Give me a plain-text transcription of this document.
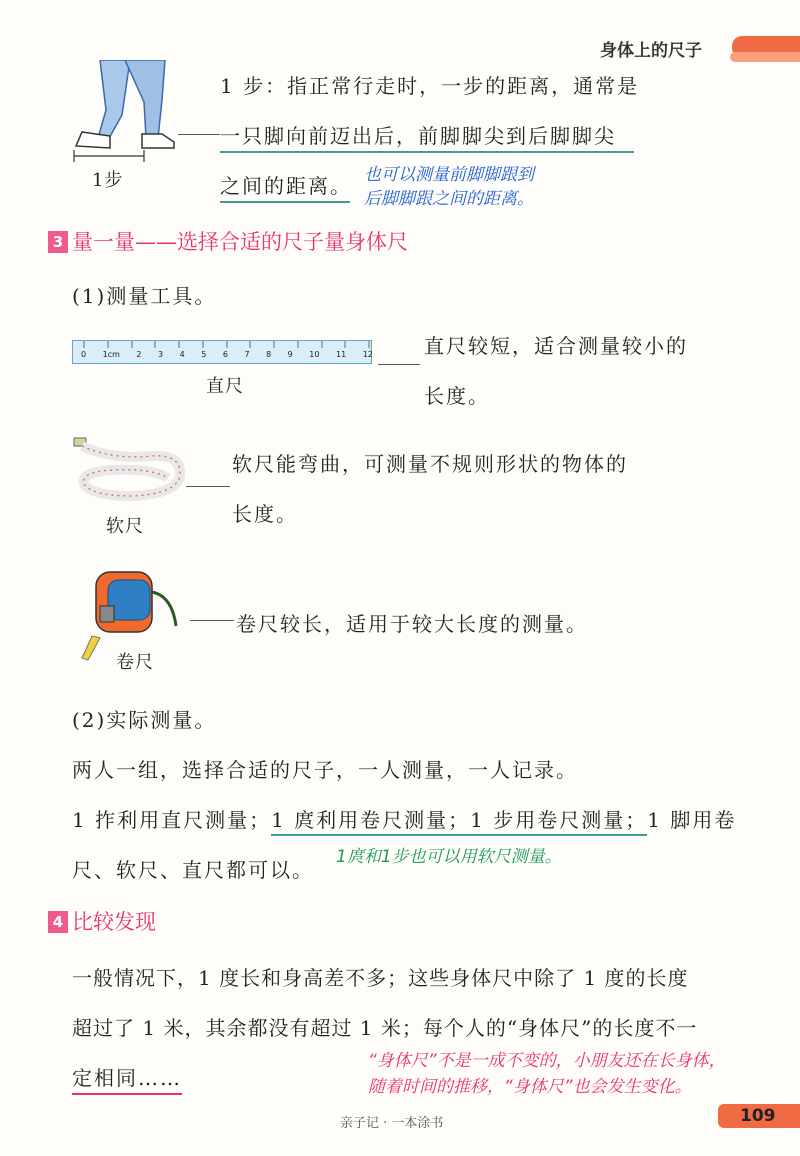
身体上的尺子
1步
1 步：指正常行走时，一步的距离，通常是
一只脚向前迈出后，前脚脚尖到后脚脚尖
之间的距离。 也可以测量前脚脚跟到
后脚脚跟之间的距离。
3 量一量——选择合适的尺子量身体尺
(1)测量工具。
0 1cm 2 3 4 5 6 7 8 9 10 11 12
直尺
直尺较短，适合测量较小的
长度。
软尺
软尺能弯曲，可测量不规则形状的物体的
长度。
卷尺
卷尺较长，适用于较大长度的测量。
(2)实际测量。
两人一组，选择合适的尺子，一人测量，一人记录。
1 拃利用直尺测量；1 庹利用卷尺测量；1 步用卷尺测量；1 脚用卷
尺、软尺、直尺都可以。
1庹和1步也可以用软尺测量。
4 比较发现
一般情况下，1 度长和身高差不多；这些身体尺中除了 1 度的长度
超过了 1 米，其余都没有超过 1 米；每个人的“身体尺”的长度不一
定相同……
“身体尺”不是一成不变的，小朋友还在长身体，
随着时间的推移，“身体尺”也会发生变化。
亲子记 · 一本涂书	109
